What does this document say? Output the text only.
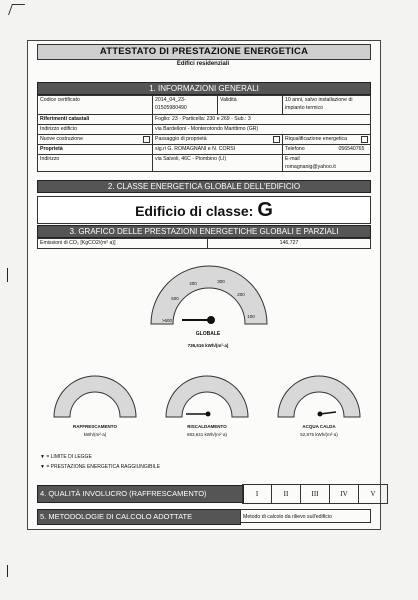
ATTESTATO DI PRESTAZIONE ENERGETICA
Edifici residenziali
1. INFORMAZIONI GENERALI
Codice certificato	2014_04_23-01505980490	Validità	10 anni, salvo installazione di impianto termico
Riferimenti catastali	Foglio: 23 - Particella: 230 e 269 - Sub.: 3		
Indirizzo edificio	via Bardelloni - Monterotondo Marittimo (GR)		
Nuove costruzione	Passaggio di proprietà		Riqualificazione energetica

Proprietà	sig.ri G. ROMAGNANI e N. CORSI		Telefono 056540765
Indirizzo	via Salvoli, 46C - Piombino (LI)		E-mail romagnanig@yahoo.it
2. CLASSE ENERGETICA GLOBALE DELL'EDIFICIO
Edificio di classe: G
3. GRAFICO DELLE PRESTAZIONI ENERGETICHE GLOBALI E PARZIALI
Emissioni di CO₂ [KgCO2/(m² a)]	146,727
100
200
300
400
500
>600
GLOBALE
736,516 kWh/(m²·a)
RAFFRESCAMENTO
kWh/(m²·a)
RISCALDAMENTO
683,641 kWh/(m²·a)
ACQUA CALDA
52,875 kWh/(m²·a)
▼ = LIMITE DI LEGGE
▼ = PRESTAZIONE ENERGETICA RAGGIUNGIBILE
4. QUALITÀ INVOLUCRO (RAFFRESCAMENTO)	I	II	III	IV	V
5. METODOLOGIE DI CALCOLO ADOTTATE	Metodo di calcolo da rilievo sull'edificio
